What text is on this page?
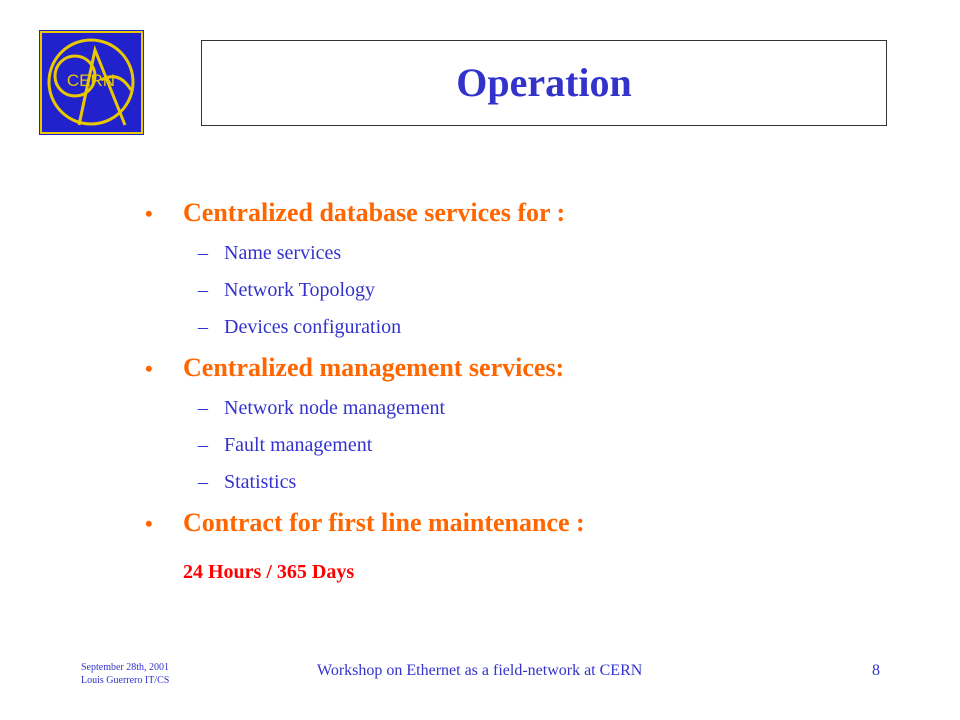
CERN	Operation
•	Centralized database services for :
– Name services
– Network Topology
– Devices configuration
•	Centralized management services:
– Network node management
– Fault management
– Statistics
•	Contract for first line maintenance :
24 Hours / 365 Days
September 28th, 2001
Louis Guerrero IT/CS
Workshop on Ethernet as a field-network at CERN	8
